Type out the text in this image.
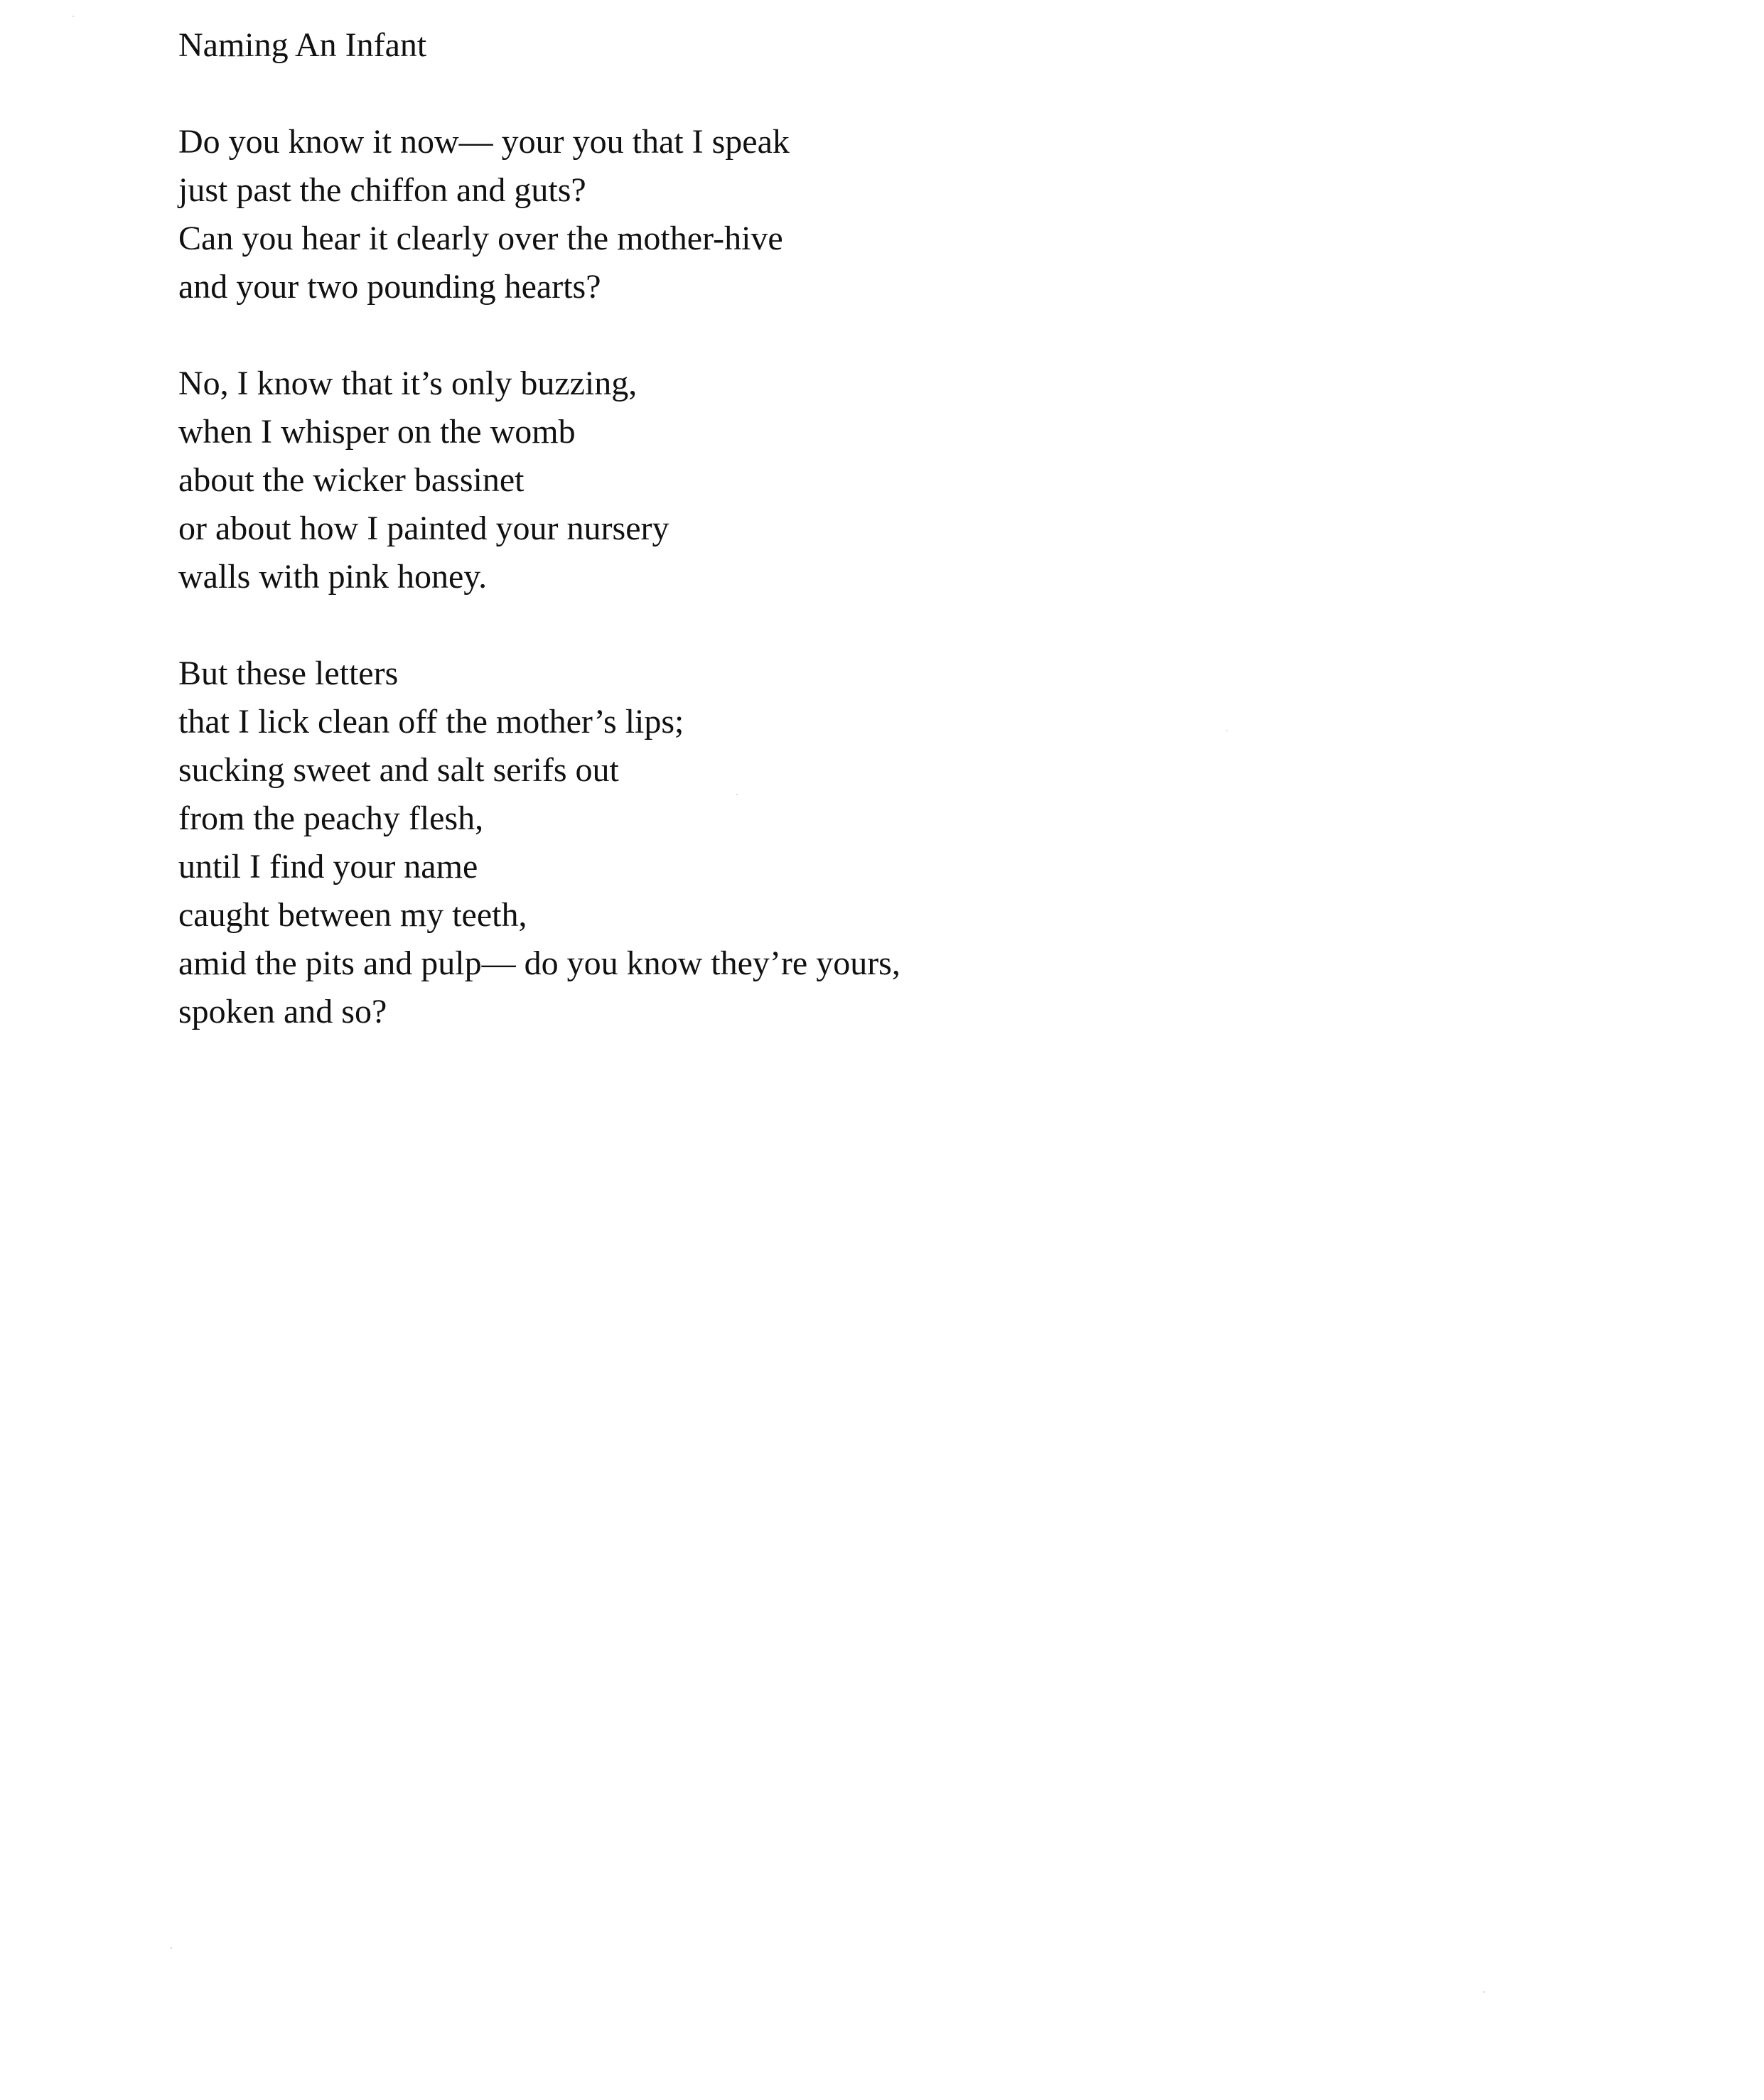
Naming An Infant
Do you know it now— your you that I speak
just past the chiffon and guts?
Can you hear it clearly over the mother-hive
and your two pounding hearts?
No, I know that it’s only buzzing,
when I whisper on the womb
about the wicker bassinet
or about how I painted your nursery
walls with pink honey.
But these letters
that I lick clean off the mother’s lips;
sucking sweet and salt serifs out
from the peachy flesh,
until I find your name
caught between my teeth,
amid the pits and pulp— do you know they’re yours,
spoken and so?
